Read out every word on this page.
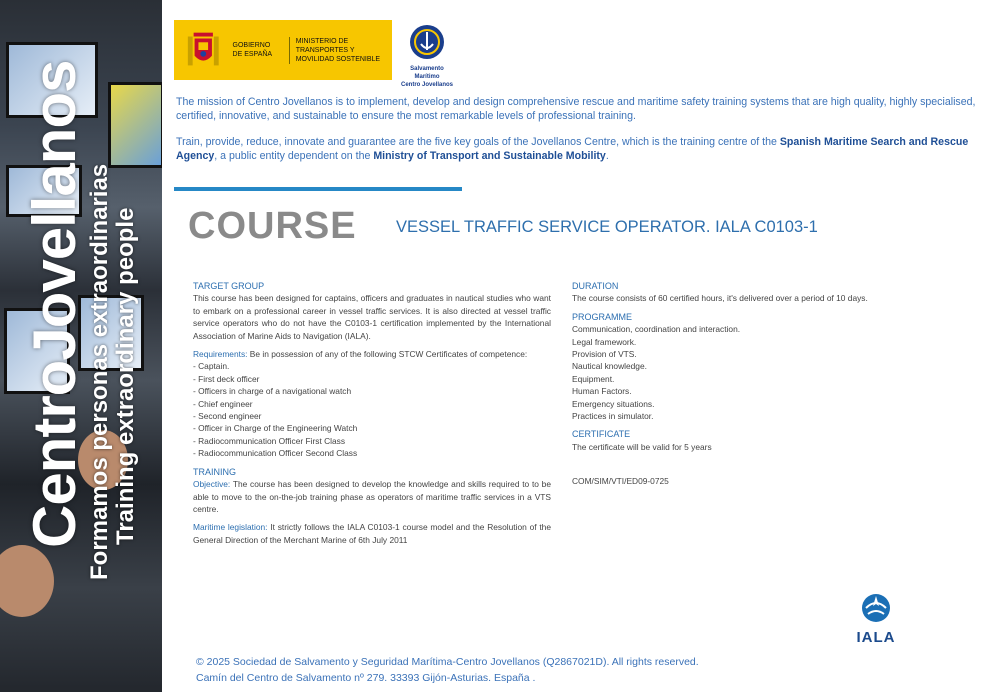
CentroJovellanos
Formamos personas extraordinarias Training extraordinary people
GOBIERNO DE ESPAÑA
MINISTERIO DE TRANSPORTES Y MOVILIDAD SOSTENIBLE
Salvamento Marítimo
Centro Jovellanos

The mission of Centro Jovellanos is to implement, develop and design comprehensive rescue and maritime safety training systems that are high quality, highly specialised, certified, innovative, and sustainable to ensure the most remarkable levels of professional training.

Train, provide, reduce, innovate and guarantee are the five key goals of the Jovellanos Centre, which is the training centre of the Spanish Maritime Search and Rescue Agency, a public entity dependent on the Ministry of Transport and Sustainable Mobility.

COURSE VESSEL TRAFFIC SERVICE OPERATOR. IALA C0103-1

TARGET GROUP

This course has been designed for captains, officers and graduates in nautical studies who want to embark on a professional career in vessel traffic services. It is also directed at vessel traffic service operators who do not have the C0103-1 certification implemented by the International Association of Marine Aids to Navigation (IALA).

Requirements: Be in possession of any of the following STCW Certificates of competence:

- Captain.

- First deck officer

- Officers in charge of a navigational watch

- Chief engineer

- Second engineer

- Officer in Charge of the Engineering Watch

- Radiocommunication Officer First Class

- Radiocommunication Officer Second Class

TRAINING

Objective: The course has been designed to develop the knowledge and skills required to to be able to move to the on-the-job training phase as operators of maritime traffic services in a VTS centre.

Maritime legislation: It strictly follows the IALA C0103-1 course model and the Resolution of the General Direction of the Merchant Marine of 6th July 2011

DURATION

The course consists of 60 certified hours, it's delivered over a period of 10 days.

PROGRAMME

Communication, coordination and interaction.

Legal framework.

Provision of VTS.

Nautical knowledge.

Equipment.

Human Factors.

Emergency situations.

Practices in simulator.

CERTIFICATE

The certificate will be valid for 5 years

COM/SIM/VTI/ED09-0725

IALA
© 2025 Sociedad de Salvamento y Seguridad Marítima-Centro Jovellanos (Q2867021D). All rights reserved.
Camín del Centro de Salvamento nº 279. 33393 Gijón-Asturias. España .
